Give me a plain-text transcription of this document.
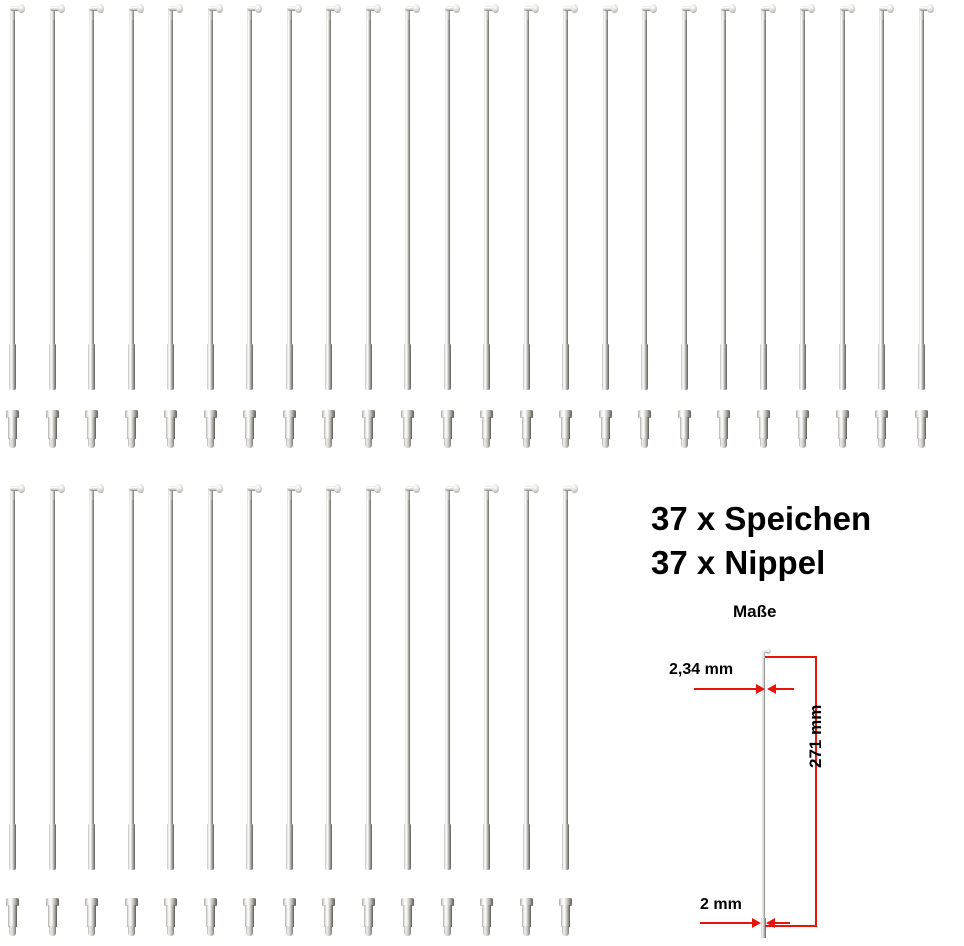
37 x Speichen
37 x Nippel
Maße
2,34 mm
271 mm
2 mm
